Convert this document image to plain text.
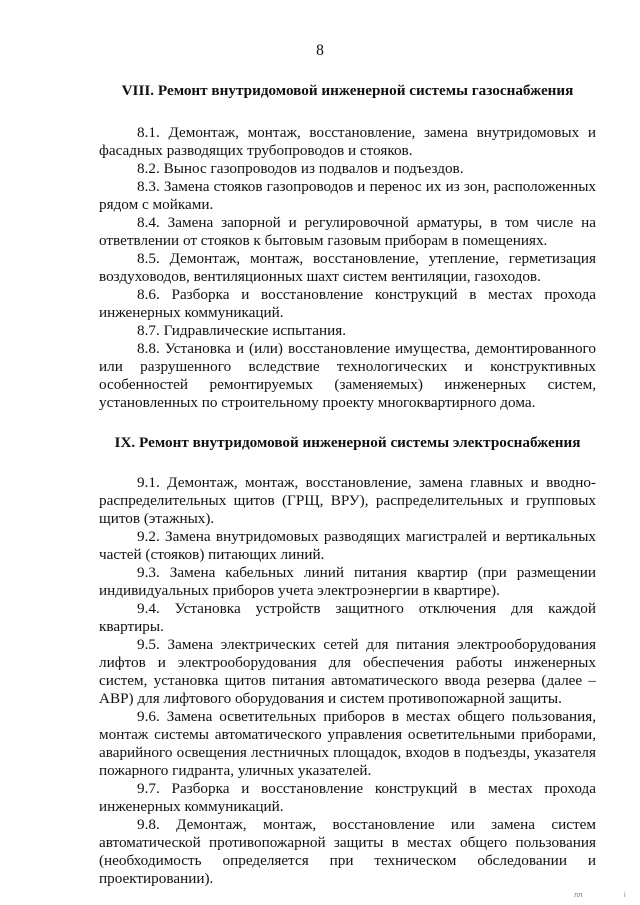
8
VIII. Ремонт внутридомовой инженерной системы газоснабжения

8.1. Демонтаж, монтаж, восстановление, замена внутридомовых и фасадных разводящих трубопроводов и стояков.

8.2. Вынос газопроводов из подвалов и подъездов.

8.3. Замена стояков газопроводов и перенос их из зон, расположенных рядом с мойками.

8.4. Замена запорной и регулировочной арматуры, в том числе на ответвлении от стояков к бытовым газовым приборам в помещениях.

8.5. Демонтаж, монтаж, восстановление, утепление, герметизация воздуховодов, вентиляционных шахт систем вентиляции, газоходов.

8.6. Разборка и восстановление конструкций в местах прохода инженерных коммуникаций.

8.7. Гидравлические испытания.

8.8. Установка и (или) восстановление имущества, демонтированного или разрушенного вследствие технологических и конструктивных особенностей ремонтируемых (заменяемых) инженерных систем, установленных по строительному проекту многоквартирного дома.

IX. Ремонт внутридомовой инженерной системы электроснабжения

9.1. Демонтаж, монтаж, восстановление, замена главных и вводно-распределительных щитов (ГРЩ, ВРУ), распределительных и групповых щитов (этажных).

9.2. Замена внутридомовых разводящих магистралей и вертикальных частей (стояков) питающих линий.

9.3. Замена кабельных линий питания квартир (при размещении индивидуальных приборов учета электроэнергии в квартире).

9.4. Установка устройств защитного отключения для каждой квартиры.

9.5. Замена электрических сетей для питания электрооборудования лифтов и электрооборудования для обеспечения работы инженерных систем, установка щитов питания автоматического ввода резерва (далее – АВР) для лифтового оборудования и систем противопожарной защиты.

9.6. Замена осветительных приборов в местах общего пользования, монтаж системы автоматического управления осветительными приборами, аварийного освещения лестничных площадок, входов в подъезды, указателя пожарного гидранта, уличных указателей.

9.7. Разборка и восстановление конструкций в местах прохода инженерных коммуникаций.

9.8. Демонтаж, монтаж, восстановление или замена систем автоматической противопожарной защиты в местах общего пользования (необходимость определяется при техническом обследовании и проектировании).

лл	і
